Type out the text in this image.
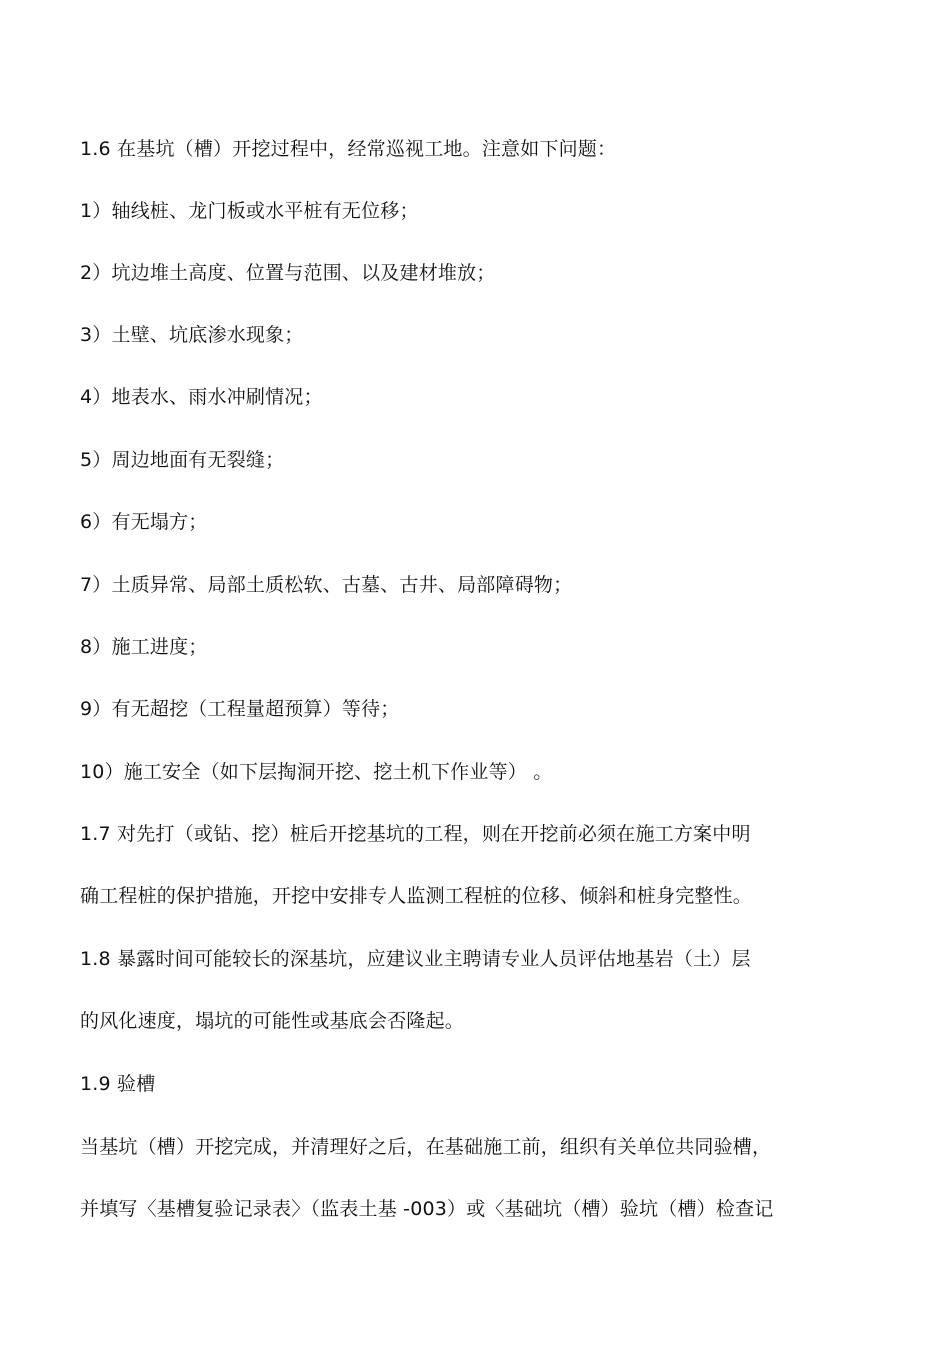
1.6 在基坑（槽）开挖过程中，经常巡视工地。注意如下问题：
1）轴线桩、龙门板或水平桩有无位移；
2）坑边堆土高度、位置与范围、以及建材堆放；
3）土壁、坑底渗水现象；
4）地表水、雨水冲刷情况；
5）周边地面有无裂缝；
6）有无塌方；
7）土质异常、局部土质松软、古墓、古井、局部障碍物；
8）施工进度；
9）有无超挖（工程量超预算）等待；
10）施工安全（如下层掏洞开挖、挖土机下作业等） 。
1.7 对先打（或钻、挖）桩后开挖基坑的工程，则在开挖前必须在施工方案中明
确工程桩的保护措施，开挖中安排专人监测工程桩的位移、倾斜和桩身完整性。
1.8 暴露时间可能较长的深基坑，应建议业主聘请专业人员评估地基岩（土）层
的风化速度，塌坑的可能性或基底会否隆起。
1.9 验槽
当基坑（槽）开挖完成，并清理好之后，在基础施工前，组织有关单位共同验槽，
并填写〈基槽复验记录表〉（监表土基 -003）或〈基础坑（槽）验坑（槽）检查记
